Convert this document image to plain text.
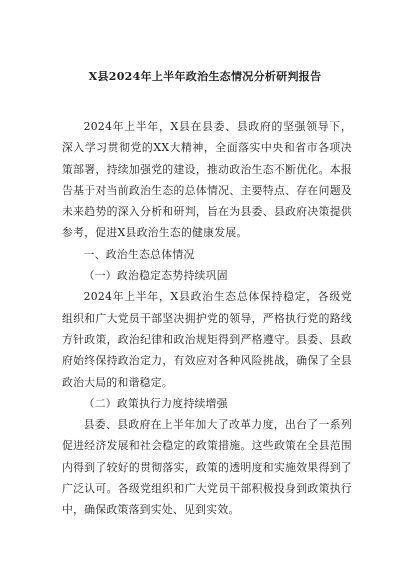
X县2024年上半年政治生态情况分析研判报告

2024年上半年，X县在县委、县政府的坚强领导下，深入学习贯彻党的XX大精神，全面落实中央和省市各项决策部署，持续加强党的建设，推动政治生态不断优化。本报告基于对当前政治生态的总体情况、主要特点、存在问题及未来趋势的深入分析和研判，旨在为县委、县政府决策提供参考，促进X县政治生态的健康发展。

一、政治生态总体情况

（一）政治稳定态势持续巩固

2024年上半年，X县政治生态总体保持稳定，各级党组织和广大党员干部坚决拥护党的领导，严格执行党的路线方针政策，政治纪律和政治规矩得到严格遵守。县委、县政府始终保持政治定力，有效应对各种风险挑战，确保了全县政治大局的和谐稳定。

（二）政策执行力度持续增强

县委、县政府在上半年加大了改革力度，出台了一系列促进经济发展和社会稳定的政策措施。这些政策在全县范围内得到了较好的贯彻落实，政策的透明度和实施效果得到了广泛认可。各级党组织和广大党员干部积极投身到政策执行中，确保政策落到实处、见到实效。
